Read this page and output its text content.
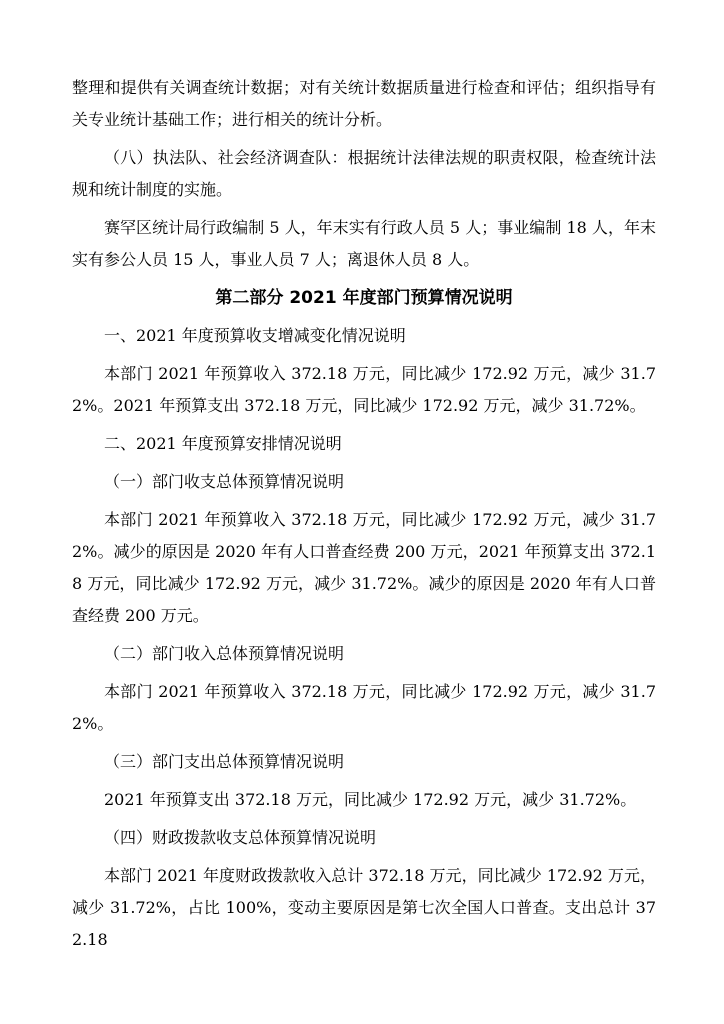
整理和提供有关调查统计数据；对有关统计数据质量进行检查和评估；组织指导有关专业统计基础工作；进行相关的统计分析。

（八）执法队、社会经济调查队：根据统计法律法规的职责权限，检查统计法规和统计制度的实施。

赛罕区统计局行政编制 5 人，年末实有行政人员 5 人；事业编制 18 人，年末实有参公人员 15 人，事业人员 7 人；离退休人员 8 人。

第二部分 2021 年度部门预算情况说明

一、2021 年度预算收支增减变化情况说明

本部门 2021 年预算收入 372.18 万元，同比减少 172.92 万元，减少 31.72%。2021 年预算支出 372.18 万元，同比减少 172.92 万元，减少 31.72%。

二、2021 年度预算安排情况说明

（一）部门收支总体预算情况说明

本部门 2021 年预算收入 372.18 万元，同比减少 172.92 万元，减少 31.72%。减少的原因是 2020 年有人口普查经费 200 万元，2021 年预算支出 372.18 万元，同比减少 172.92 万元，减少 31.72%。减少的原因是 2020 年有人口普查经费 200 万元。

（二）部门收入总体预算情况说明

本部门 2021 年预算收入 372.18 万元，同比减少 172.92 万元，减少 31.72%。

（三）部门支出总体预算情况说明

2021 年预算支出 372.18 万元，同比减少 172.92 万元，减少 31.72%。

（四）财政拨款收支总体预算情况说明

本部门 2021 年度财政拨款收入总计 372.18 万元，同比减少 172.92 万元，减少 31.72%，占比 100%，变动主要原因是第七次全国人口普查。支出总计 372.18
